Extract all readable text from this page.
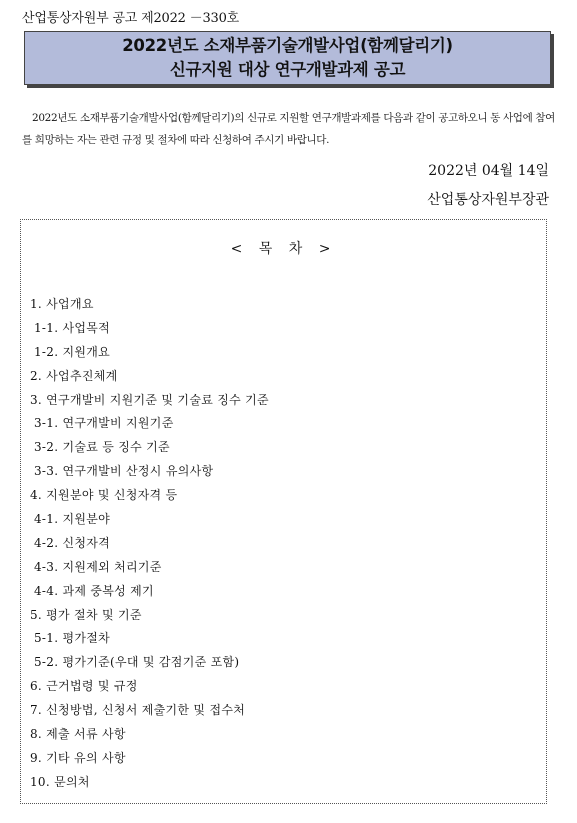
산업통상자원부 공고 제2022 －330호
2022년도 소재부품기술개발사업(함께달리기)
신규지원 대상 연구개발과제 공고
2022년도 소재부품기술개발사업(함께달리기)의 신규로 지원할 연구개발과제를 다음과 같이 공고하오니 동 사업에 참여를 희망하는 자는 관련 규정 및 절차에 따라 신청하여 주시기 바랍니다.
2022년 04월 14일
산업통상자원부장관
< 목 차 >
1. 사업개요
1-1. 사업목적
1-2. 지원개요
2. 사업추진체계
3. 연구개발비 지원기준 및 기술료 징수 기준
3-1. 연구개발비 지원기준
3-2. 기술료 등 징수 기준
3-3. 연구개발비 산정시 유의사항
4. 지원분야 및 신청자격 등
4-1. 지원분야
4-2. 신청자격
4-3. 지원제외 처리기준
4-4. 과제 중복성 제기
5. 평가 절차 및 기준
5-1. 평가절차
5-2. 평가기준(우대 및 감점기준 포함)
6. 근거법령 및 규정
7. 신청방법, 신청서 제출기한 및 접수처
8. 제출 서류 사항
9. 기타 유의 사항
10. 문의처
